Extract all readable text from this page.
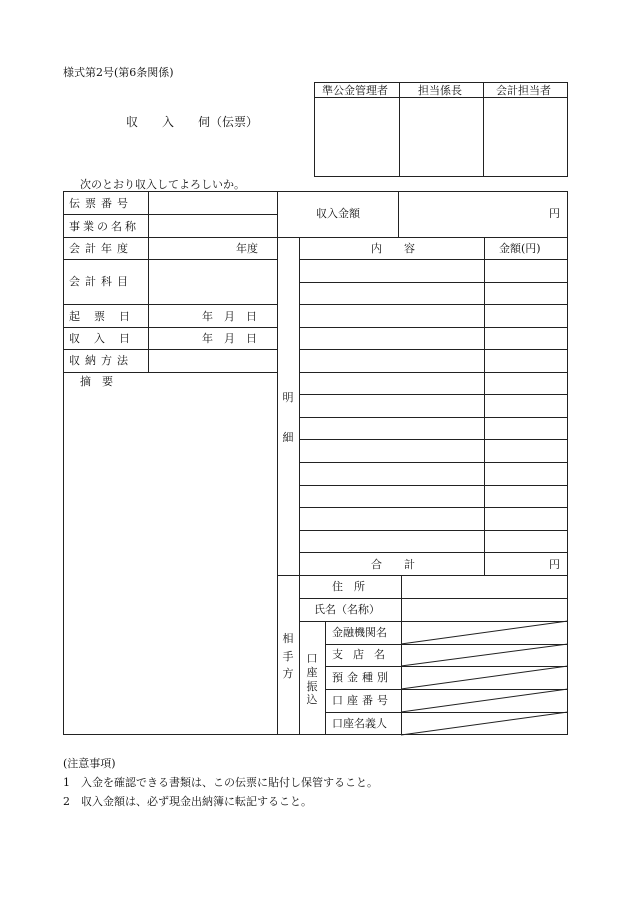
様式第2号(第6条関係)
収　　入　　伺（伝票）
準公金管理者	担当係長	会計担当者
次のとおり収入してよろしいか。
伝票番号
事業の名称
会計年度	年度
会計科目
起票日	年　月　日
収入日	年　月　日
収納方法
摘　要
収入金額	円
明細
内　　容	金額(円)
合　　計	円
相手方
住　所
氏名（名称）
口座振込
金融機関名
支店名
預金種別
口座番号
口座名義人
(注意事項)
1　入金を確認できる書類は、この伝票に貼付し保管すること。
2　収入金額は、必ず現金出納簿に転記すること。
